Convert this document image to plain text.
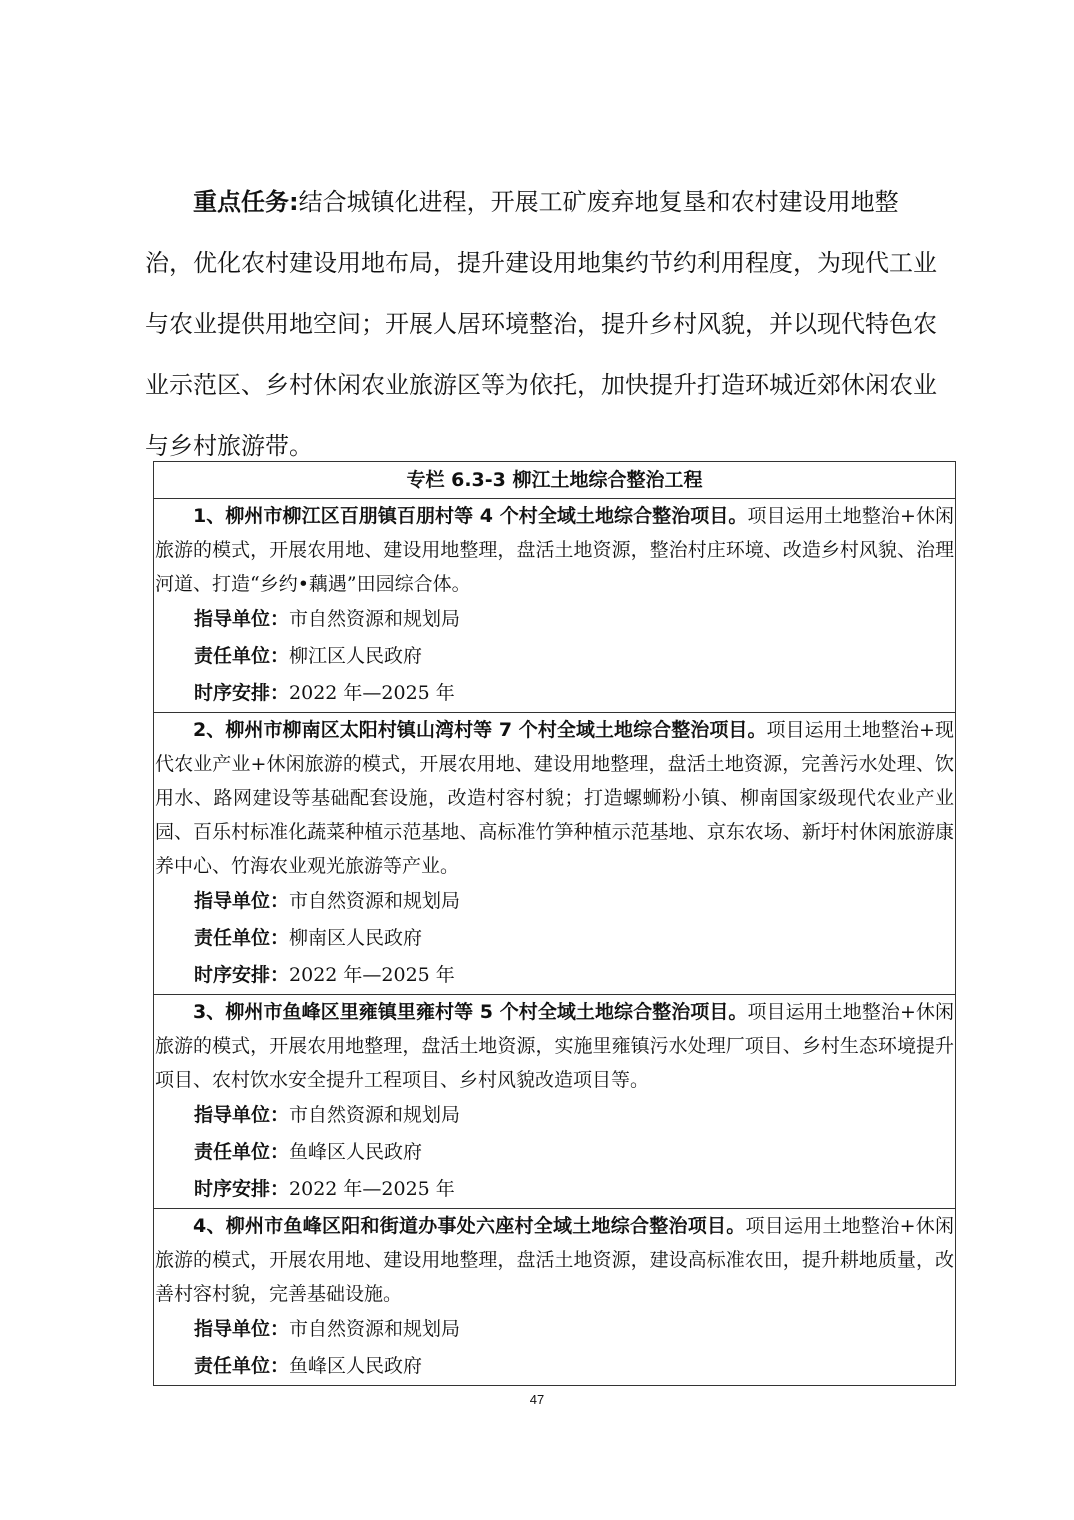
重点任务:结合城镇化进程，开展工矿废弃地复垦和农村建设用地整治，优化农村建设用地布局，提升建设用地集约节约利用程度，为现代工业与农业提供用地空间；开展人居环境整治，提升乡村风貌，并以现代特色农业示范区、乡村休闲农业旅游区等为依托，加快提升打造环城近郊休闲农业与乡村旅游带。

专栏 6.3-3 柳江土地综合整治工程

1、柳州市柳江区百朋镇百朋村等 4 个村全域土地综合整治项目。项目运用土地整治+休闲旅游的模式，开展农用地、建设用地整理，盘活土地资源，整治村庄环境、改造乡村风貌、治理河道、打造“乡约•藕遇”田园综合体。

指导单位：市自然资源和规划局

责任单位：柳江区人民政府

时序安排：2022 年—2025 年

2、柳州市柳南区太阳村镇山湾村等 7 个村全域土地综合整治项目。项目运用土地整治+现代农业产业+休闲旅游的模式，开展农用地、建设用地整理，盘活土地资源，完善污水处理、饮用水、路网建设等基础配套设施，改造村容村貌；打造螺蛳粉小镇、柳南国家级现代农业产业园、百乐村标准化蔬菜种植示范基地、高标准竹笋种植示范基地、京东农场、新圩村休闲旅游康养中心、竹海农业观光旅游等产业。

指导单位：市自然资源和规划局

责任单位：柳南区人民政府

时序安排：2022 年—2025 年

3、柳州市鱼峰区里雍镇里雍村等 5 个村全域土地综合整治项目。项目运用土地整治+休闲旅游的模式，开展农用地整理，盘活土地资源，实施里雍镇污水处理厂项目、乡村生态环境提升项目、农村饮水安全提升工程项目、乡村风貌改造项目等。

指导单位：市自然资源和规划局

责任单位：鱼峰区人民政府

时序安排：2022 年—2025 年

4、柳州市鱼峰区阳和街道办事处六座村全域土地综合整治项目。项目运用土地整治+休闲旅游的模式，开展农用地、建设用地整理，盘活土地资源，建设高标准农田，提升耕地质量，改善村容村貌，完善基础设施。

指导单位：市自然资源和规划局

责任单位：鱼峰区人民政府

47
